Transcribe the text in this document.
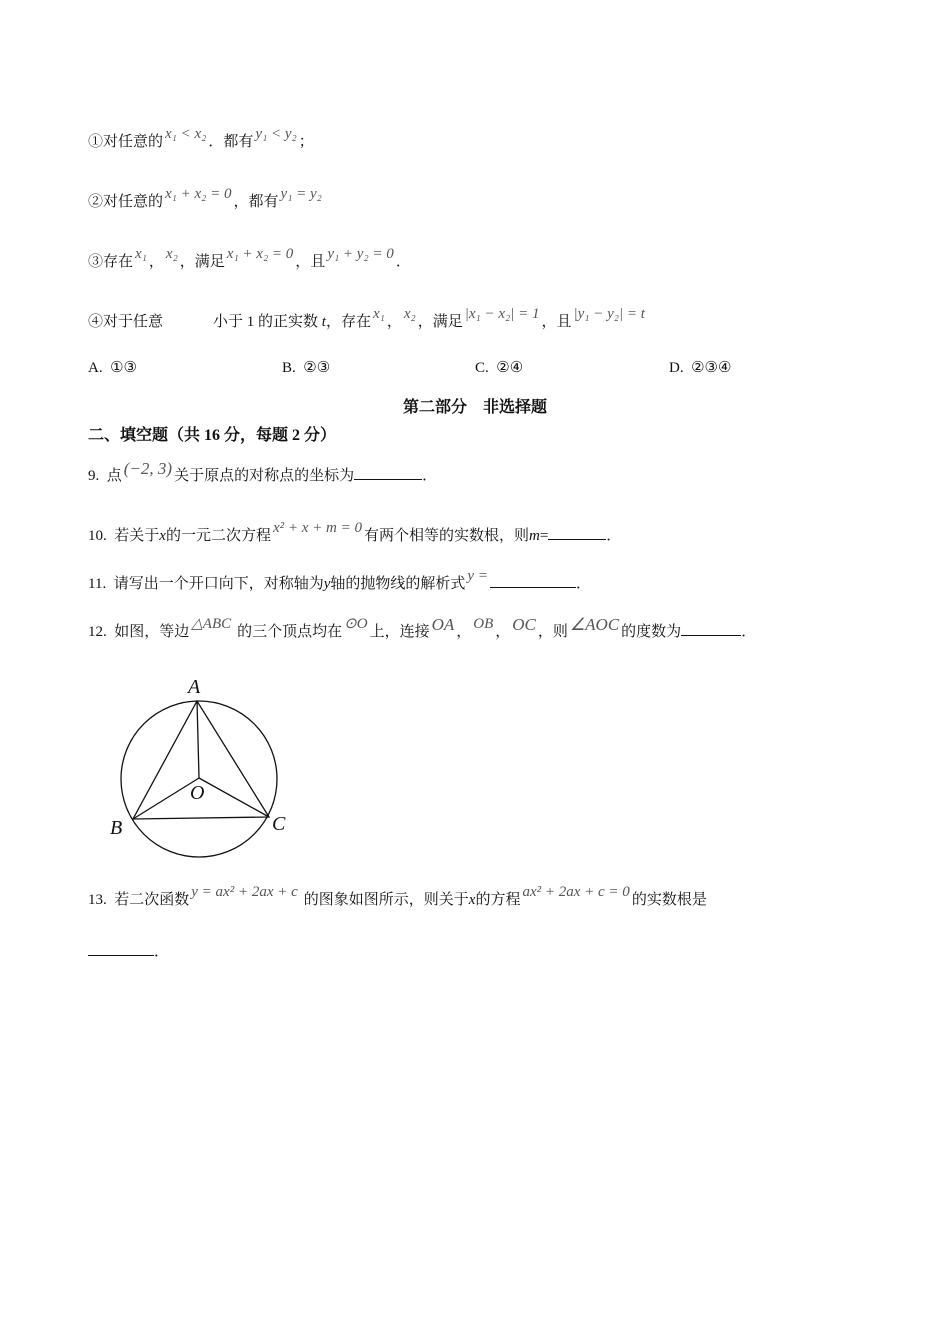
①对任意的 x₁ < x₂ ．都有 y₁ < y₂ ；
②对任意的 x₁ + x₂ = 0 ，都有 y₁ = y₂
③存在 x₁ ， x₂ ，满足 x₁ + x₂ = 0 ，且 y₁ + y₂ = 0 ．
④对于任意	小于 1 的正实数 t，存在 x₁ ， x₂ ，满足 |x₁ − x₂| = 1 ，且 |y₁ − y₂| = t
A. ①③	B. ②③	C. ②④	D. ②③④
第二部分　非选择题
二、填空题（共 16 分，每题 2 分）
9. 点 (−2, 3) 关于原点的对称点的坐标为	．
10. 若关于x的一元二次方程 x² + x + m = 0 有两个相等的实数根，则m=	．
11. 请写出一个开口向下，对称轴为y轴的抛物线的解析式 y =	．
12. 如图，等边 △ABC 的三个顶点均在 ⊙O 上，连接 OA ， OB ， OC ，则 ∠AOC 的度数为	．
A
B	C
O
13. 若二次函数 y = ax² + 2ax + c 的图象如图所示，则关于x的方程 ax² + 2ax + c = 0 的实数根是
．
